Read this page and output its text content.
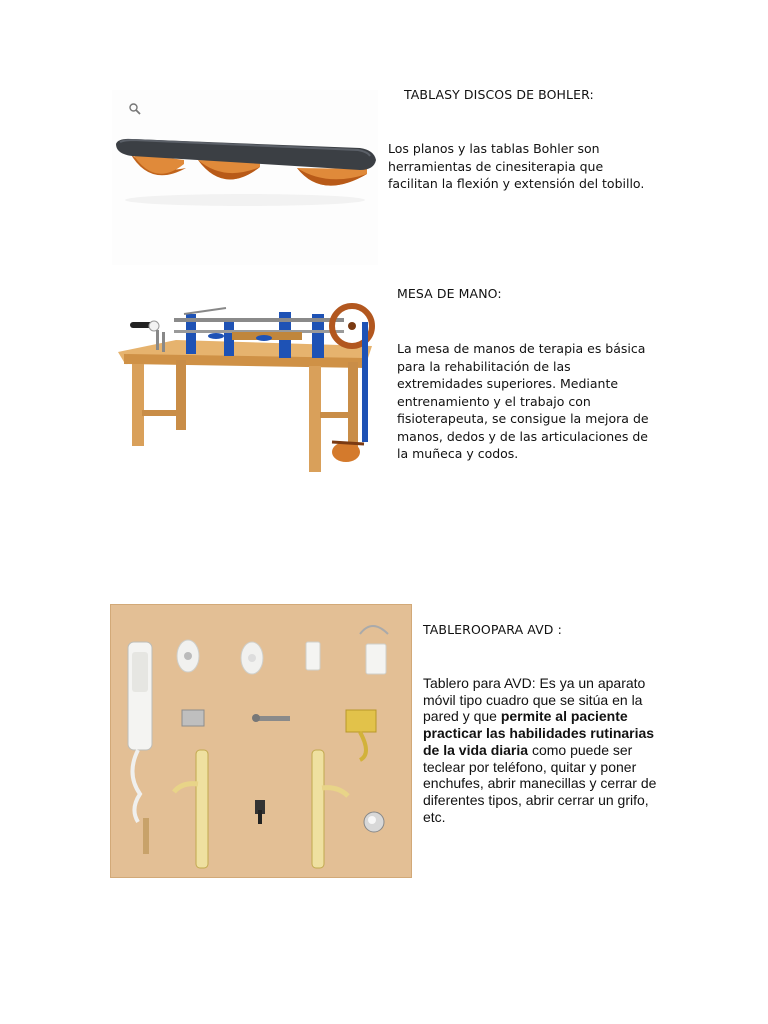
TABLASY DISCOS DE BOHLER:
Los planos y las tablas Bohler son herramientas de cinesiterapia que facilitan la flexión y extensión del tobillo.
MESA DE MANO:
La mesa de manos de terapia es básica para la rehabilitación de las extremidades superiores. Mediante entrenamiento y el trabajo con fisioterapeuta, se consigue la mejora de manos, dedos y de las articulaciones de la muñeca y codos.
TABLEROOPARA AVD :
Tablero para AVD: Es ya un aparato móvil tipo cuadro que se sitúa en la pared y que permite al paciente practicar las habilidades rutinarias de la vida diaria como puede ser teclear por teléfono, quitar y poner enchufes, abrir manecillas y cerrar de diferentes tipos, abrir cerrar un grifo, etc.
